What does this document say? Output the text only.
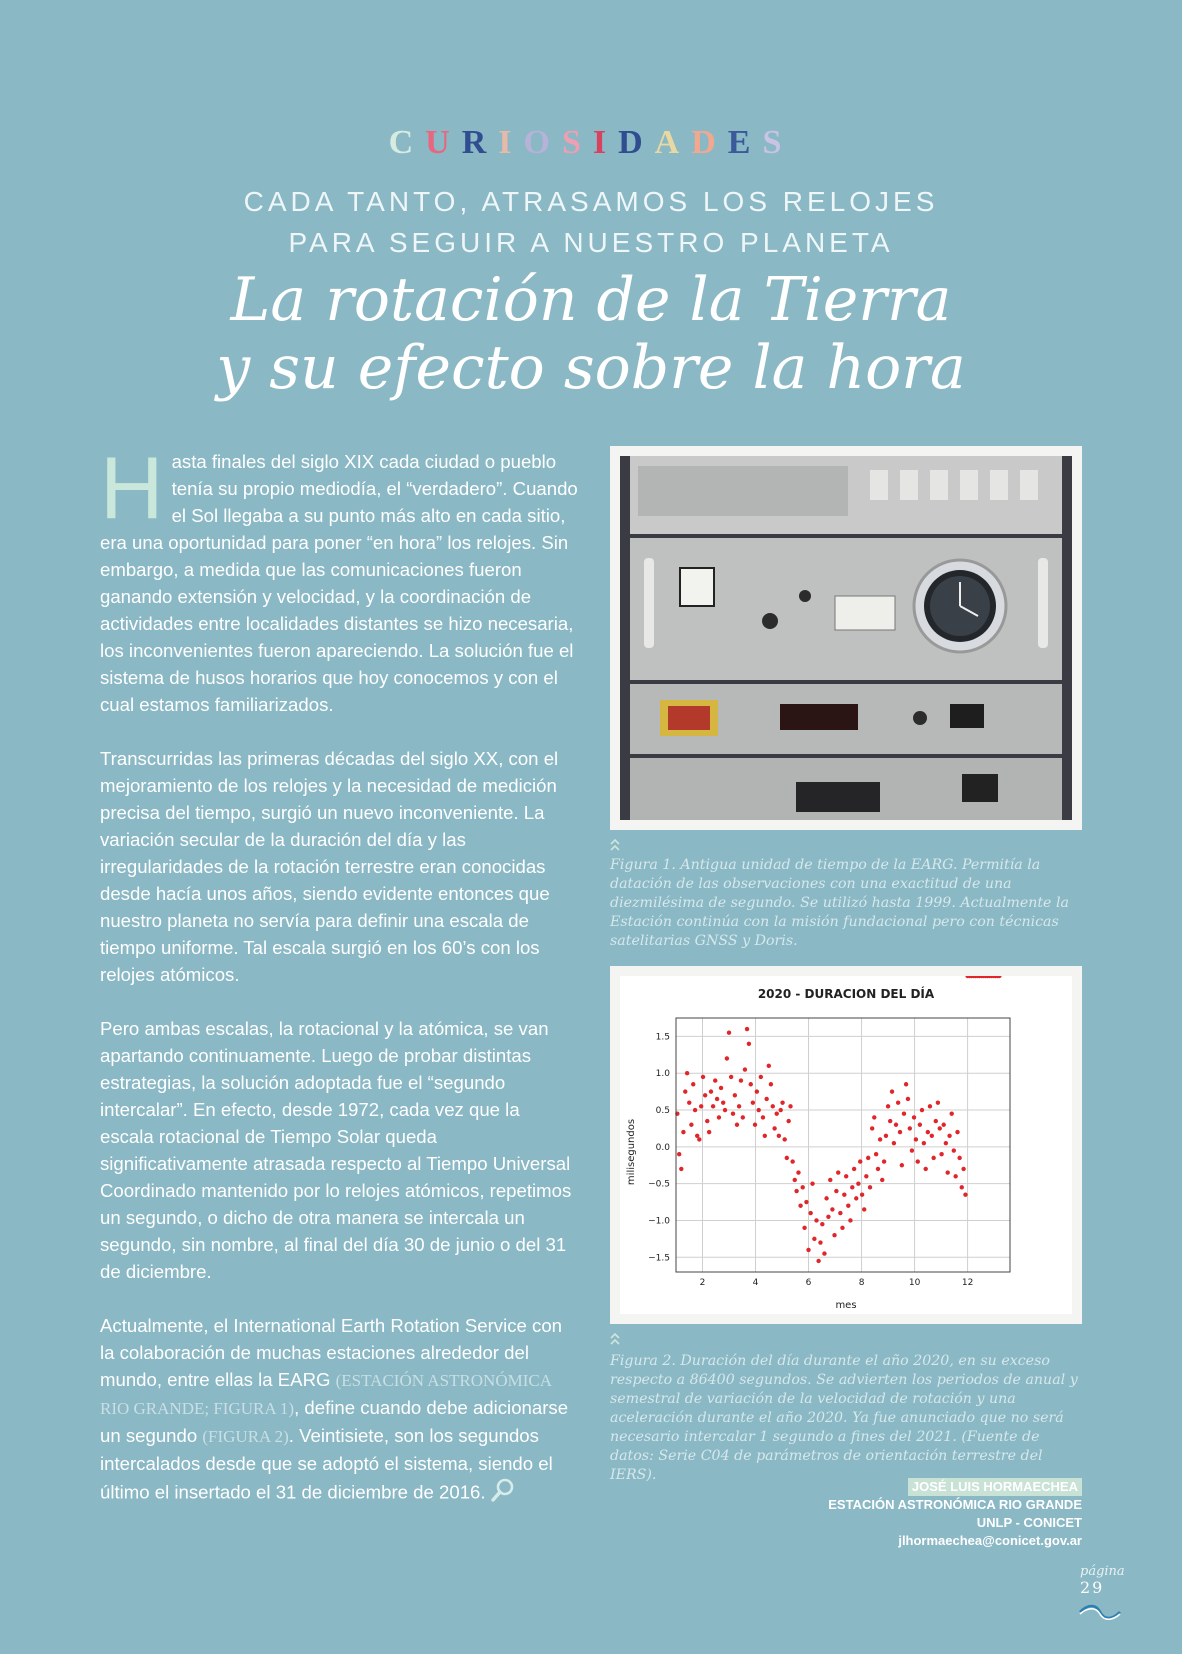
CURIOSIDADES
CADA TANTO, ATRASAMOS LOS RELOJES
PARA SEGUIR A NUESTRO PLANETA
La rotación de la Tierra
y su efecto sobre la hora

Hasta finales del siglo XIX cada ciudad o pueblo tenía su propio mediodía, el “verdadero”. Cuando el Sol llegaba a su punto más alto en cada sitio, era una oportunidad para poner “en hora” los relojes. Sin embargo, a medida que las comunicaciones fueron ganando extensión y velocidad, y la coordinación de actividades entre localidades distantes se hizo necesaria, los inconvenientes fueron apareciendo. La solución fue el sistema de husos horarios que hoy conocemos y con el cual estamos familiarizados.

Transcurridas las primeras décadas del siglo XX, con el mejoramiento de los relojes y la necesidad de medición precisa del tiempo, surgió un nuevo inconveniente. La variación secular de la duración del día y las irregularidades de la rotación terrestre eran conocidas desde hacía unos años, siendo evidente entonces que nuestro planeta no servía para definir una escala de tiempo uniforme. Tal escala surgió en los 60’s con los relojes atómicos.

Pero ambas escalas, la rotacional y la atómica, se van apartando continuamente. Luego de probar distintas estrategias, la solución adoptada fue el “segundo intercalar”. En efecto, desde 1972, cada vez que la escala rotacional de Tiempo Solar queda significativamente atrasada respecto al Tiempo Universal Coordinado mantenido por lo relojes atómicos, repetimos un segundo, o dicho de otra manera se intercala un segundo, sin nombre, al final del día 30 de junio o del 31 de diciembre.

Actualmente, el International Earth Rotation Service con la colaboración de muchas estaciones alrededor del mundo, entre ellas la EARG (ESTACIÓN ASTRONÓMICA RIO GRANDE; FIGURA 1), define cuando debe adicionarse un segundo (FIGURA 2). Veintisiete, son los segundos intercalados desde que se adoptó el sistema, siendo el último el insertado el 31 de diciembre de 2016.

Figura 1. Antigua unidad de tiempo de la EARG. Permitía la datación de las observaciones con una exactitud de una diezmilésima de segundo. Se utilizó hasta 1999. Actualmente la Estación continúa con la misión fundacional pero con técnicas satelitarias GNSS y Doris.
2020 - DURACION DEL DÍA
2	4	6	8	10	12
−1.5
−1.0
−0.5
0.0
0.5
1.0
1.5
mes
milisegundos
Figura 2. Duración del día durante el año 2020, en su exceso respecto a 86400 segundos. Se advierten los periodos de anual y semestral de variación de la velocidad de rotación y una aceleración durante el año 2020. Ya fue anunciado que no será necesario intercalar 1 segundo a fines del 2021. (Fuente de datos: Serie C04 de parámetros de orientación terrestre del IERS).
JOSÉ LUIS HORMAECHEA
ESTACIÓN ASTRONÓMICA RIO GRANDE
UNLP - CONICET
jlhormaechea@conicet.gov.ar
página
29
